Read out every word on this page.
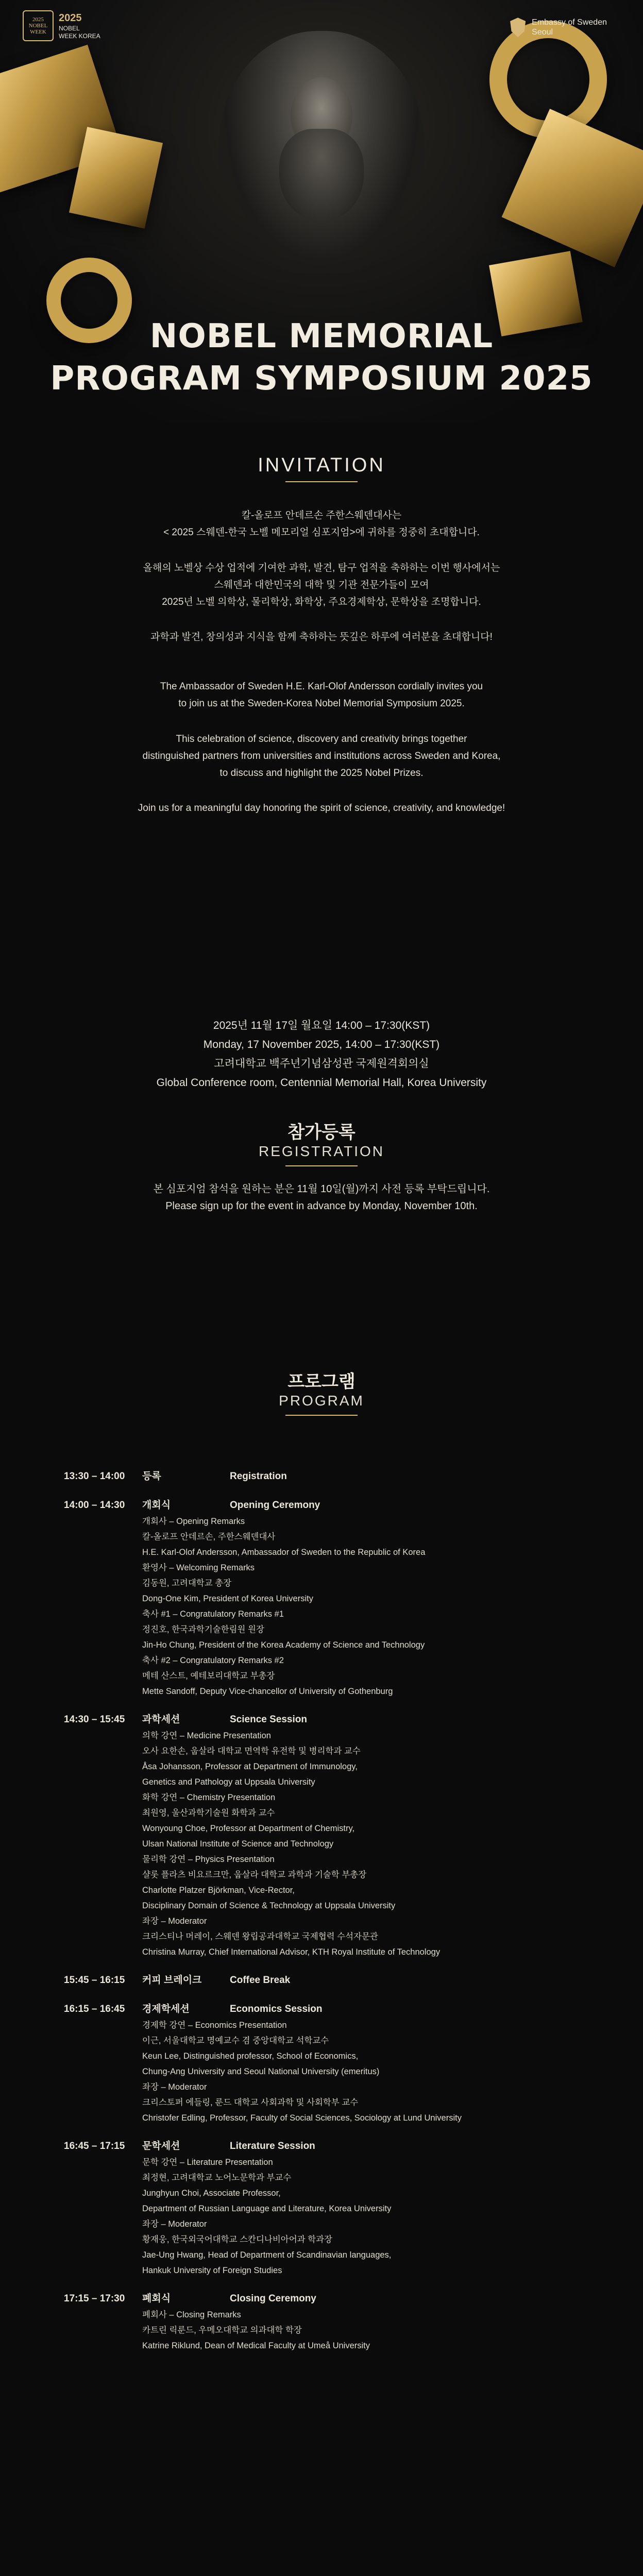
2025 NOBEL WEEK
2025
NOBEL
WEEK KOREA
Embassy of Sweden
Seoul
NOBEL MEMORIAL
PROGRAM SYMPOSIUM 2025
INVITATION
칼-올로프 안데르손 주한스웨덴대사는
< 2025 스웨덴-한국 노벨 메모리얼 심포지엄>에 귀하를 정중히 초대합니다.
올해의 노벨상 수상 업적에 기여한 과학, 발견, 탐구 업적을 축하하는 이번 행사에서는
스웨덴과 대한민국의 대학 및 기관 전문가들이 모여
2025년 노벨 의학상, 물리학상, 화학상, 주요경제학상, 문학상을 조명합니다.
과학과 발견, 창의성과 지식을 함께 축하하는 뜻깊은 하루에 여러분을 초대합니다!
The Ambassador of Sweden H.E. Karl-Olof Andersson cordially invites you
to join us at the Sweden-Korea Nobel Memorial Symposium 2025.
This celebration of science, discovery and creativity brings together
distinguished partners from universities and institutions across Sweden and Korea,
to discuss and highlight the 2025 Nobel Prizes.
Join us for a meaningful day honoring the spirit of science, creativity, and knowledge!
2025년 11월 17일 월요일 14:00 – 17:30(KST)
Monday, 17 November 2025, 14:00 – 17:30(KST)
고려대학교 백주년기념삼성관 국제원격회의실
Global Conference room, Centennial Memorial Hall, Korea University
참가등록
REGISTRATION
본 심포지엄 참석을 원하는 분은 11월 10일(월)까지 사전 등록 부탁드립니다.
Please sign up for the event in advance by Monday, November 10th.
프로그램
PROGRAM
13:30 – 14:00	등록	Registration
14:00 – 14:30	개회식	Opening Ceremony
개회사 – Opening Remarks
칼-올로프 안데르손, 주한스웨덴대사
H.E. Karl-Olof Andersson, Ambassador of Sweden to the Republic of Korea
환영사 – Welcoming Remarks
김동원, 고려대학교 총장
Dong-One Kim, President of Korea University
축사 #1 – Congratulatory Remarks #1
정진호, 한국과학기술한림원 원장
Jin-Ho Chung, President of the Korea Academy of Science and Technology
축사 #2 – Congratulatory Remarks #2
메테 산스트, 예테보리대학교 부총장
Mette Sandoff, Deputy Vice-chancellor of University of Gothenburg
14:30 – 15:45	과학세션	Science Session
의학 강연 – Medicine Presentation
오사 요한손, 웁살라 대학교 면역학 유전학 및 병리학과 교수
Åsa Johansson, Professor at Department of Immunology,
Genetics and Pathology at Uppsala University
화학 강연 – Chemistry Presentation
최원영, 울산과학기술원 화학과 교수
Wonyoung Choe, Professor at Department of Chemistry,
Ulsan National Institute of Science and Technology
물리학 강연 – Physics Presentation
샬롯 플라츠 비요르크만, 웁살라 대학교 과학과 기술학 부총장
Charlotte Platzer Björkman, Vice-Rector,
Disciplinary Domain of Science & Technology at Uppsala University
좌장 – Moderator
크리스티나 머레이, 스웨덴 왕립공과대학교 국제협력 수석자문관
Christina Murray, Chief International Advisor, KTH Royal Institute of Technology
15:45 – 16:15	커피 브레이크	Coffee Break
16:15 – 16:45	경제학세션	Economics Session
경제학 강연 – Economics Presentation
이근, 서울대학교 명예교수 겸 중앙대학교 석학교수
Keun Lee, Distinguished professor, School of Economics,
Chung-Ang University and Seoul National University (emeritus)
좌장 – Moderator
크리스토퍼 에들링, 룬드 대학교 사회과학 및 사회학부 교수
Christofer Edling, Professor, Faculty of Social Sciences, Sociology at Lund University
16:45 – 17:15	문학세션	Literature Session
문학 강연 – Literature Presentation
최정현, 고려대학교 노어노문학과 부교수
Junghyun Choi, Associate Professor,
Department of Russian Language and Literature, Korea University
좌장 – Moderator
황재웅, 한국외국어대학교 스칸디나비아어과 학과장
Jae-Ung Hwang, Head of Department of Scandinavian languages,
Hankuk University of Foreign Studies
17:15 – 17:30	폐회식	Closing Ceremony
폐회사 – Closing Remarks
카트린 릭룬드, 우메오대학교 의과대학 학장
Katrine Riklund, Dean of Medical Faculty at Umeå University
